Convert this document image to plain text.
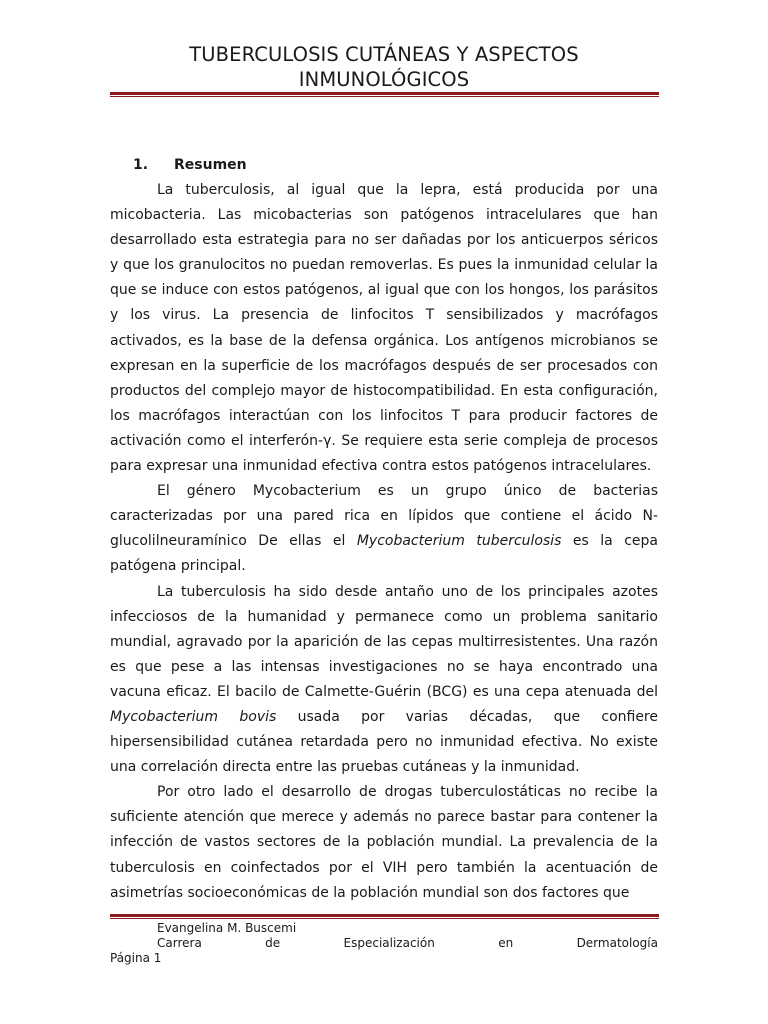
TUBERCULOSIS CUTÁNEAS Y ASPECTOS
INMUNOLÓGICOS
1. Resumen

La tuberculosis, al igual que la lepra, está producida por una micobacteria. Las micobacterias son patógenos intracelulares que han desarrollado esta estrategia para no ser dañadas por los anticuerpos séricos y que los granulocitos no puedan removerlas. Es pues la inmunidad celular la que se induce con estos patógenos, al igual que con los hongos, los parásitos y los virus. La presencia de linfocitos T sensibilizados y macrófagos activados, es la base de la defensa orgánica. Los antígenos microbianos se expresan en la superficie de los macrófagos después de ser procesados con productos del complejo mayor de histocompatibilidad. En esta configuración, los macrófagos interactúan con los linfocitos T para producir factores de activación como el interferón-γ. Se requiere esta serie compleja de procesos para expresar una inmunidad efectiva contra estos patógenos intracelulares.

El género Mycobacterium es un grupo único de bacterias caracterizadas por una pared rica en lípidos que contiene el ácido N-glucolilneuramínico De ellas el Mycobacterium tuberculosis es la cepa patógena principal.

La tuberculosis ha sido desde antaño uno de los principales azotes infecciosos de la humanidad y permanece como un problema sanitario mundial, agravado por la aparición de las cepas multirresistentes. Una razón es que pese a las intensas investigaciones no se haya encontrado una vacuna eficaz. El bacilo de Calmette-Guérin (BCG) es una cepa atenuada del Mycobacterium bovis usada por varias décadas, que confiere hipersensibilidad cutánea retardada pero no inmunidad efectiva. No existe una correlación directa entre las pruebas cutáneas y la inmunidad.

Por otro lado el desarrollo de drogas tuberculostáticas no recibe la suficiente atención que merece y además no parece bastar para contener la infección de vastos sectores de la población mundial. La prevalencia de la tuberculosis en coinfectados por el VIH pero también la acentuación de asimetrías socioeconómicas de la población mundial son dos factores que

Evangelina M. Buscemi
Carrera	de	Especialización	en	Dermatología
Página 1
